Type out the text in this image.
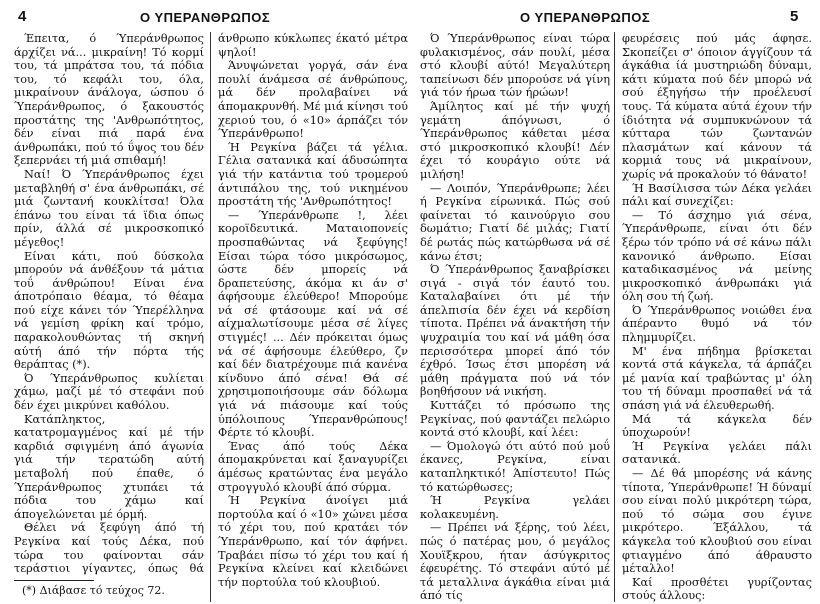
4	Ο ΥΠΕΡΑΝΘΡΩΠΟΣ	Ο ΥΠΕΡΑΝΘΡΩΠΟΣ	5

Έπειτα, ό Ύπεράνθρωπος άρχίζει νά... μικραίνη! Τό κορμί του, τά μπράτσα του, τά πόδια του, τό κεφάλι του, όλα, μικραίνουν άνάλογα, ώσπου ό Ύπεράνθρωπος, ό ξακουστός προστάτης της 'Ανθρωπότητος, δέν είναι πιά παρά ένα άνθρωπάκι, πού τό ΰψος του δέν ξεπερνάει τή μιά σπιθαμή!

Ναί! Ό Ύπεράνθρωπος έχει μεταβληθή σ' ένα άνθρωπάκι, σέ μιά ζωντανή κουκλίτσα! Όλα έπάνω του είναι τά ϊδια όπως πρίν, άλλά σέ μικροσκοπικό μέγεθος!

Είναι κάτι, πού δύσκολα μπορούν νά άνθέξουν τά μάτια τοΰ άνθρώπου! Είναι ένα άποτρόπαιο θέαμα, τό θέαμα πού είχε κάνει τόν Ύπερέλληνα νά γεμίση φρίκη καί τρόμο, παρακολουθώντας τή σκηνή αύτή άπό τήν πόρτα τής θεράπτας (*).

Ό Ύπεράνθρωπος κυλίεται χάμω, μαζί μέ τό στεφάνι πού δέν έχει μικρύνει καθόλου.

Κατάπληκτος, κατατρομαγμένος καί μέ τήν καρδιά σφιγμένη άπό άγωνία γιά τήν τερατώδη αύτή μεταβολή πού έπαθε, ό Ύπεράνθρωπος χτυπάει τά πόδια του χάμω καί άπογελώνεται μέ όρμή.

Θέλει νά ξεφύγη άπό τή Ρεγκίνα καί τούς Δέκα, πού τώρα του φαίνονται σάν τεράστιοι γίγαντες, όπως θά

άνθρωπο κύκλωπες έκατό μέτρα ψηλοί!

Άνυψώνεται γοργά, σάν ένα πουλί άνάμεσα σέ άνθρώπους, μά δέν προλαβαίνει νά άπομακρυνθή. Μέ μιά κίνησι τού χεριού του, ό «10» άρπάζει τόν Ύπεράνθρωπο!

Ή Ρεγκίνα βάζει τά γέλια. Γέλια σατανικά καί άδυσώπητα γιά τήν κατάντια τού τρομερού άντιπάλου της, τού νικημένου προστάτη τής 'Ανθρωπότητος!

— Ύπεράνθρωπε !, λέει κοροϊδευτικά. Ματαιοπονείς προσπαθώντας νά ξεφύγης! Είσαι τώρα τόσο μικρόσωμος, ώστε δέν μπορείς νά δραπετεύσης, άκόμα κι άν σ' άφήσουμε έλεύθερο! Μπορούμε νά σέ φτάσουμε καί νά σέ αίχμαλωτίσουμε μέσα σέ λίγες στιγμές! ... Δέν πρόκειται όμως νά σέ άφήσουμε έλεύθερο, ζν καί δέν διατρέχουμε πιά κανένα κίνδυνο άπό σένα! Θά σέ χρησιμοποιήσουμε σάν δόλωμα γιά νά πιάσουμε καί τούς ύπόλοιπους Ύπερανθρώπους! Φέρτε τό κλουβί.

Ένας άπό τούς Δέκα άπομακρύνεται καί ξαναγυρίζει άμέσως κρατώντας ένα μεγάλο στρογγυλό κλουβί άπό σύρμα.

Ή Ρεγκίνα άνοίγει μιά πορτούλα καί ό «10» χώνει μέσα τό χέρι του, πού κρατάει τόν Ύπεράνθρωπο, καί τόν άφήνει. Τραβάει πίσω τό χέρι του καί ή Ρεγκίνα κλείνει καί κλειδώνει τήν πορτούλα τού κλουβιού.

Ό Ύπεράνθρωπος είναι τώρα φυλακισμένος, σάν πουλί, μέσα στό κλουβί αύτό! Μεγαλύτερη ταπείνωσι δέν μπορούσε νά γίνη γιά τόν ήρωα τών ήρώων!

Άμίλητος καί μέ τήν ψυχή γεμάτη άπόγνωσι, ό Ύπεράνθρωπος κάθεται μέσα στό μικροσκοπικό κλουβί! Δέν έχει τό κουράγιο ούτε νά μιλήση!

— Λοιπόν, Ύπεράνθρωπε; λέει ή Ρεγκίνα είρωνικά. Πώς σού φαίνεται τό καινούργιο σου δωμάτιο; Γιατί δέ μιλάς; Γιατί δέ ρωτάς πώς κατώρθωσα νά σέ κάνω έτσι;

Ό Ύπεράνθρωπος ξαναβρίσκει σιγά - σιγά τόν έαυτό του. Καταλαβαίνει ότι μέ τήν άπελπισία δέν έχει νά κερδίση τίποτα. Πρέπει νά άνακτήση τήν ψυχραιμία του καί νά μάθη όσα περισσότερα μπορεί άπό τόν έχθρό. Ίσως έτσι μπορέση νά μάθη πράγματα πού νά τόν βοηθήσουν νά νικήση.

Κυττάζει τό πρόσωπο της Ρεγκίνας, πού φαντάζει πελώριο κοντά στό κλουβί, καί λέει:

— Όμολογώ ότι αύτό πού μοΰ έκανες, Ρεγκίνα, είναι καταπληκτικό! Άπίστευτο! Πώς τό κατώρθωσες;

Ή Ρεγκίνα γελάει κολακευμένη.

— Πρέπει νά ξέρης, τού λέει, πώς ό πατέρας μου, ό μεγάλος Χουϊξκρου, ήταν άσύγκριτος έφευρέτης. Τό στεφάνι αύτό μέ τά μεταλλινα άγκάθια είναι μιά άπό τίς

φευρέσεις πού μάς άφησε. Σκοπείζει σ' όποιον άγγίζουν τά άγκάθια ίά μυστηριώδη δύναμι, κάτι κύματα πού δέν μπορώ νά σού έξηγήσω τήν προέλευσί τους. Τά κύματα αύτά έχουν τήν ίδιότητα νά συμπυκνώνουν τά κύτταρα τών ζωντανών πλασμάτων καί κάνουν τά κορμιά τους νά μικραίνουν, χωρίς νά προκαλούν τό θάνατο!

Ή Βασίλισσα τών Δέκα γελάει πάλι καί συνεχίζει:

— Τό άσχημο γιά σένα, Ύπεράνθρωπε, είναι ότι δέν ξέρω τόν τρόπο νά σέ κάνω πάλι κανονικό άνθρωπο. Είσαι καταδικασμένος νά μείνης μικροσκοπικό άνθρωπάκι γιά όλη σου τή ζωή.

Ό Ύπεράνθρωπος νοιώθει ένα άπέραντο θυμό νά τόν πλημμυρίζει.

Μ' ένα πήδημα βρίσκεται κοντά στά κάγκελα, τά άρπάζει μέ μανία καί τραβώντας μ' όλη του τή δύναμι προσπαθεί νά τά σπάση γιά νά έλευθερωθή.

Μά τά κάγκελα δέν ύποχωρούν!

Ή Ρεγκίνα γελάει πάλι σατανικά.

— Δέ θά μπορέσης νά κάνης τίποτα, Ύπεράνθρωπε! Ή δύναμί σου είναι πολύ μικρότερη τώρα, πού τό σώμα σου έγινε μικρότερο. Έξάλλου, τά κάγκελα τού κλουβιού σου είναι φτιαγμένο άπό άθραυστο μέταλλο!

Καί προσθέτει γυρίζοντας στούς άλλους:

(*) Διάβασε τό τεύχος 72.
